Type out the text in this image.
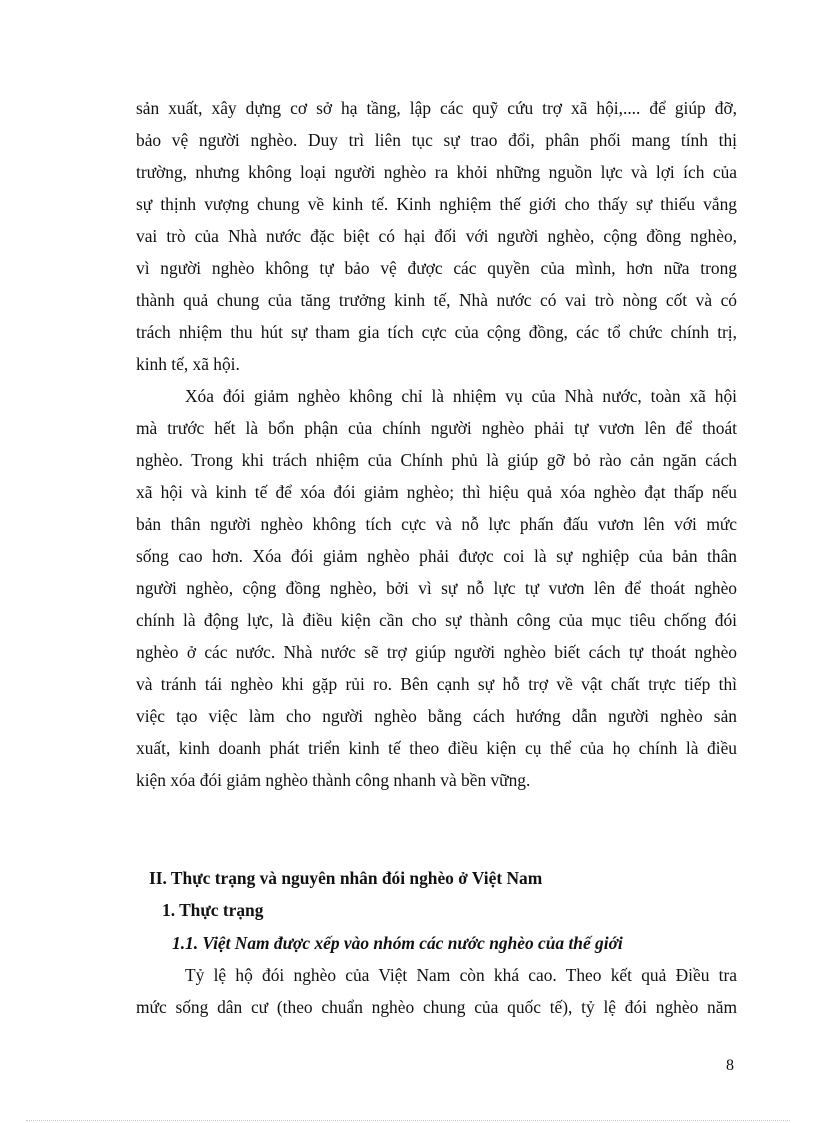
sản xuất, xây dựng cơ sở hạ tầng, lập các quỹ cứu trợ xã hội,.... để giúp đỡ,
bảo vệ người nghèo. Duy trì liên tục sự trao đổi, phân phối mang tính thị
trường, nhưng không loại người nghèo ra khỏi những nguồn lực và lợi ích của
sự thịnh vượng chung về kinh tế. Kinh nghiệm thế giới cho thấy sự thiếu vắng
vai trò của Nhà nước đặc biệt có hại đối với người nghèo, cộng đồng nghèo,
vì người nghèo không tự bảo vệ được các quyền của mình, hơn nữa trong
thành quả chung của tăng trưởng kinh tế, Nhà nước có vai trò nòng cốt và có
trách nhiệm thu hút sự tham gia tích cực của cộng đồng, các tổ chức chính trị,
kinh tế, xã hội.
Xóa đói giảm nghèo không chỉ là nhiệm vụ của Nhà nước, toàn xã hội
mà trước hết là bổn phận của chính người nghèo phải tự vươn lên để thoát
nghèo. Trong khi trách nhiệm của Chính phủ là giúp gỡ bỏ rào cản ngăn cách
xã hội và kinh tế để xóa đói giảm nghèo; thì hiệu quả xóa nghèo đạt thấp nếu
bản thân người nghèo không tích cực và nỗ lực phấn đấu vươn lên với mức
sống cao hơn. Xóa đói giảm nghèo phải được coi là sự nghiệp của bản thân
người nghèo, cộng đồng nghèo, bởi vì sự nỗ lực tự vươn lên để thoát nghèo
chính là động lực, là điều kiện cần cho sự thành công của mục tiêu chống đói
nghèo ở các nước. Nhà nước sẽ trợ giúp người nghèo biết cách tự thoát nghèo
và tránh tái nghèo khi gặp rủi ro. Bên cạnh sự hỗ trợ về vật chất trực tiếp thì
việc tạo việc làm cho người nghèo bằng cách hướng dẫn người nghèo sản
xuất, kinh doanh phát triển kinh tế theo điều kiện cụ thể của họ chính là điều
kiện xóa đói giảm nghèo thành công nhanh và bền vững.
II. Thực trạng và nguyên nhân đói nghèo ở Việt Nam
1. Thực trạng
1.1. Việt Nam được xếp vào nhóm các nước nghèo của thế giới
Tỷ lệ hộ đói nghèo của Việt Nam còn khá cao. Theo kết quả Điều tra
mức sống dân cư (theo chuẩn nghèo chung của quốc tế), tỷ lệ đói nghèo năm
8
